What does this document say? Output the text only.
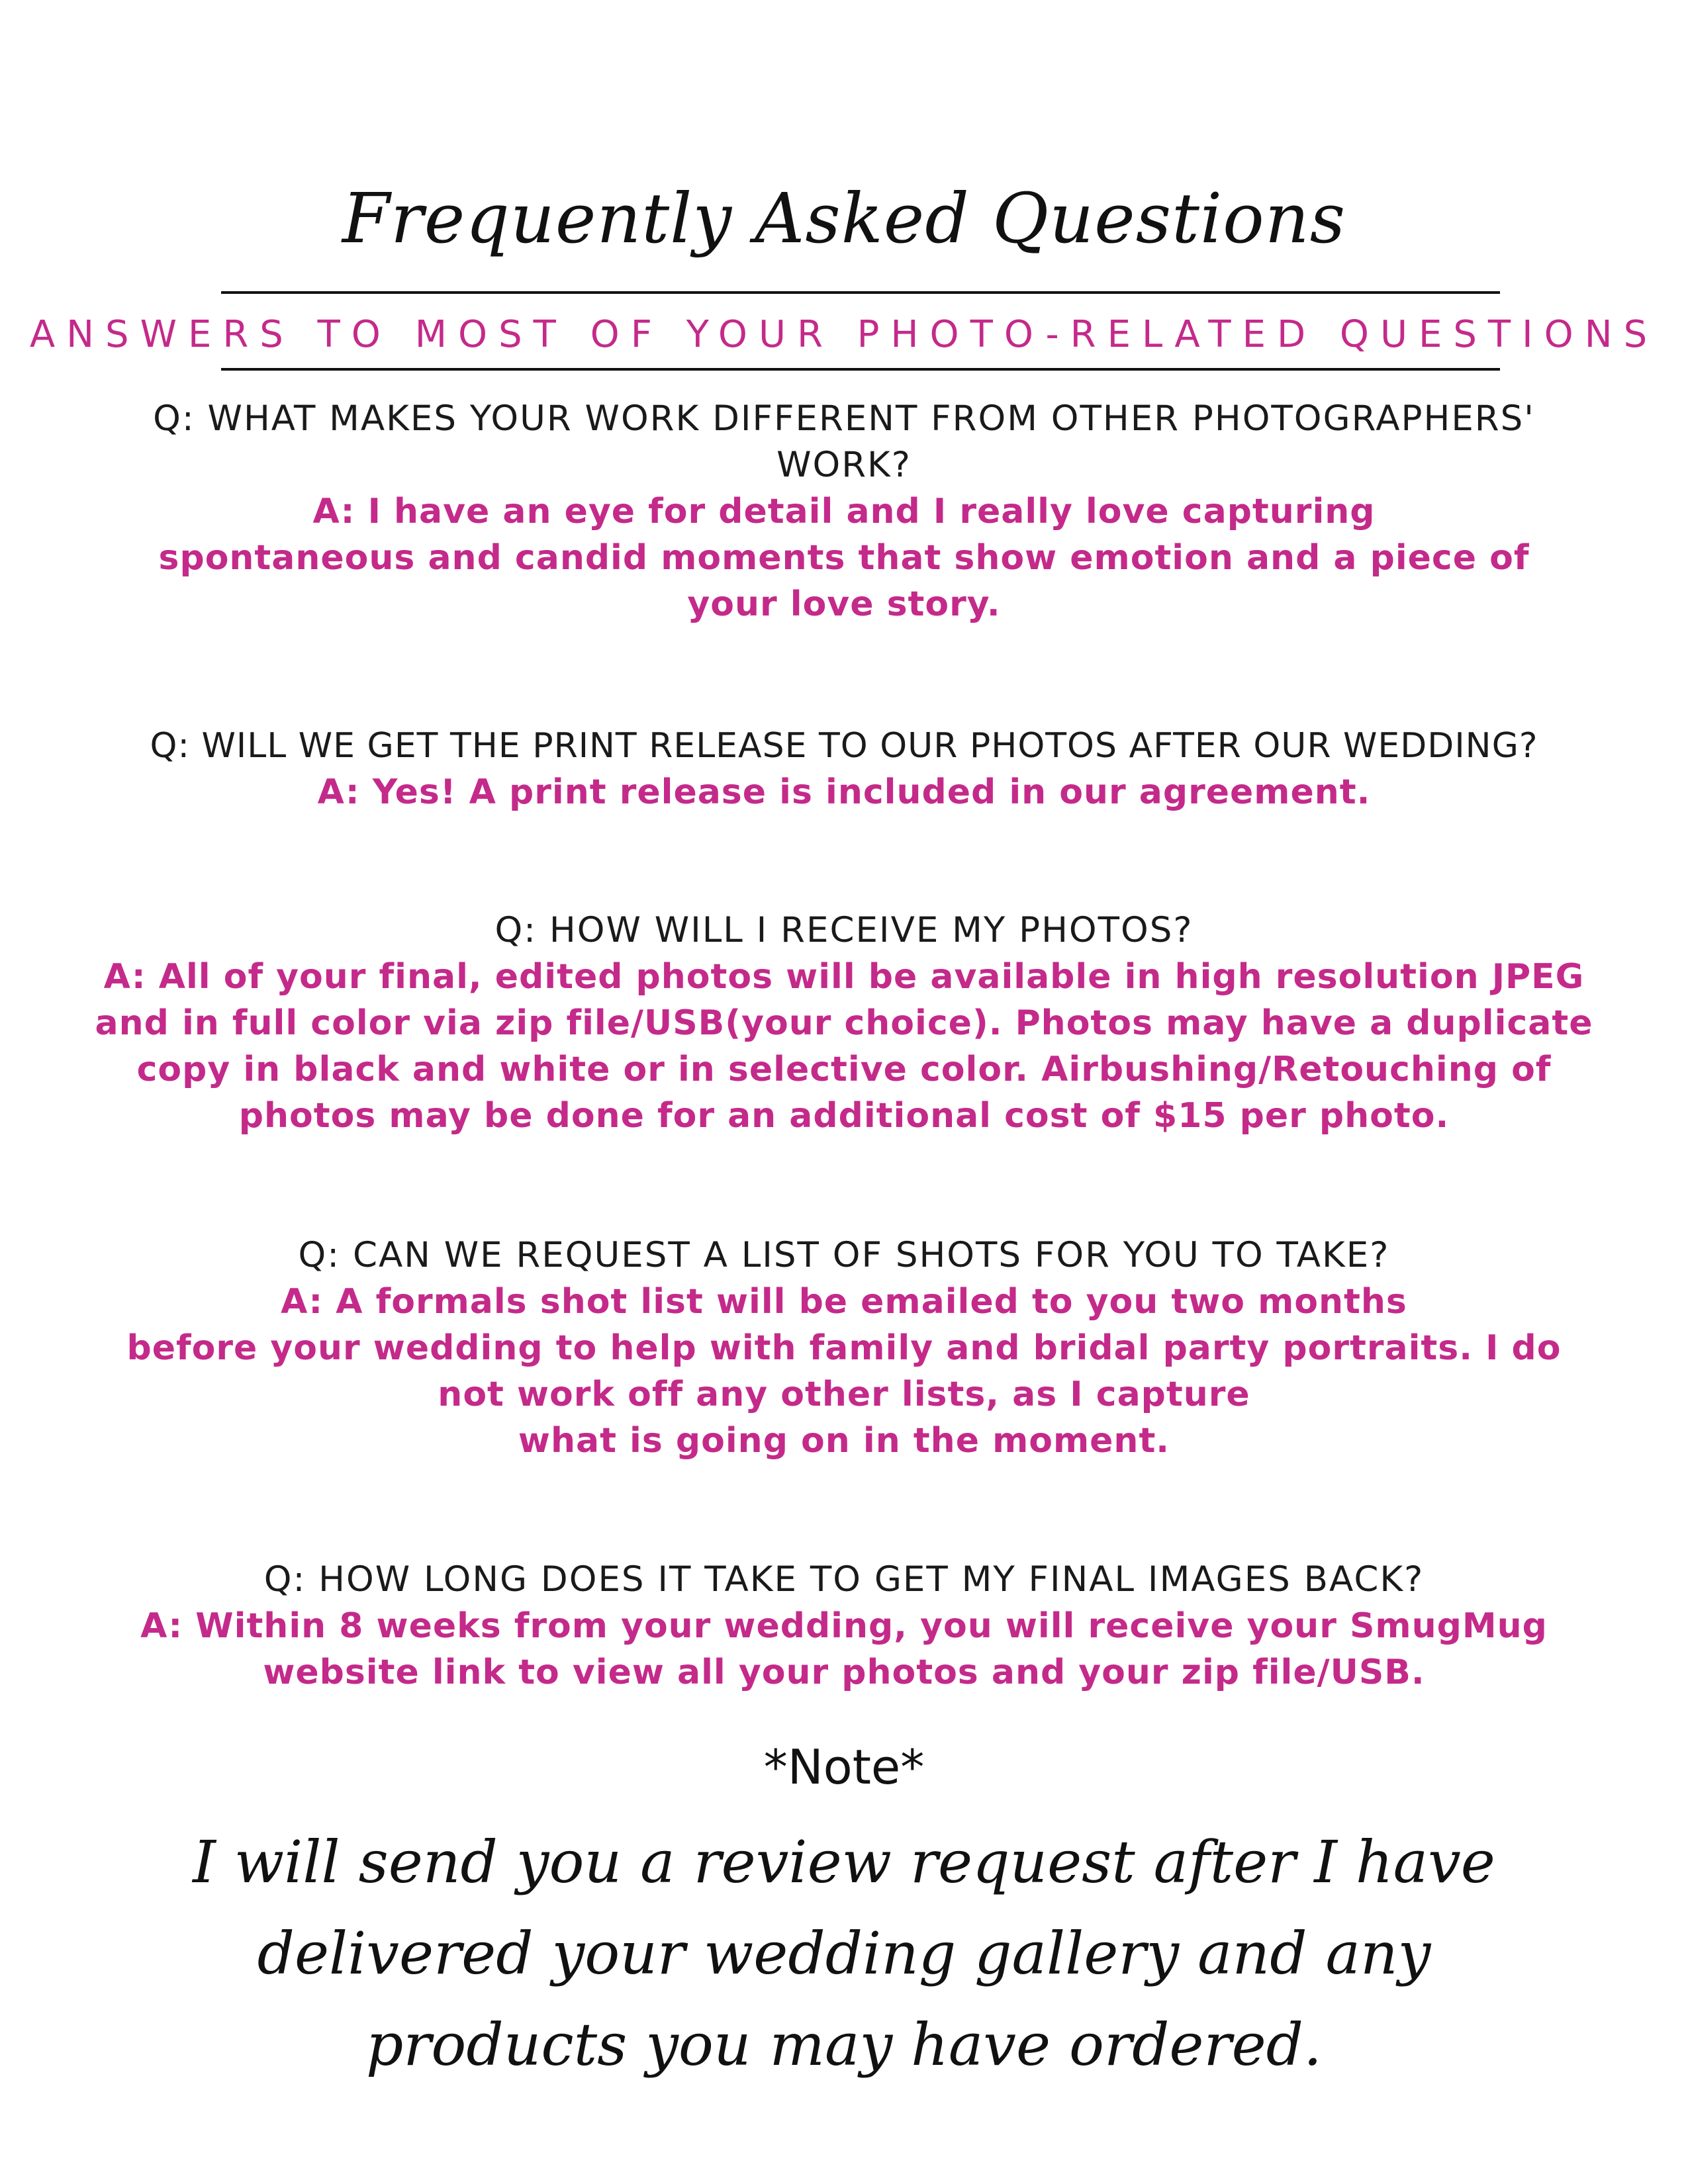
Frequently Asked Questions
ANSWERS TO MOST OF YOUR PHOTO-RELATED QUESTIONS
Q: WHAT MAKES YOUR WORK DIFFERENT FROM OTHER PHOTOGRAPHERS' WORK?
A: I have an eye for detail and I really love capturing
spontaneous and candid moments that show emotion and a piece of your love story.
Q: WILL WE GET THE PRINT RELEASE TO OUR PHOTOS AFTER OUR WEDDING?
A: Yes! A print release is included in our agreement.
Q: HOW WILL I RECEIVE MY PHOTOS?
A: All of your final, edited photos will be available in high resolution JPEG and in full color via zip file/USB(your choice). Photos may have a duplicate copy in black and white or in selective color. Airbushing/Retouching of photos may be done for an additional cost of $15 per photo.
Q: CAN WE REQUEST A LIST OF SHOTS FOR YOU TO TAKE?
A: A formals shot list will be emailed to you two months
before your wedding to help with family and bridal party portraits. I do not work off any other lists, as I capture
what is going on in the moment.
Q: HOW LONG DOES IT TAKE TO GET MY FINAL IMAGES BACK?
A: Within 8 weeks from your wedding, you will receive your SmugMug website link to view all your photos and your zip file/USB.
*Note*
I will send you a review request after I have
delivered your wedding gallery and any
products you may have ordered.
